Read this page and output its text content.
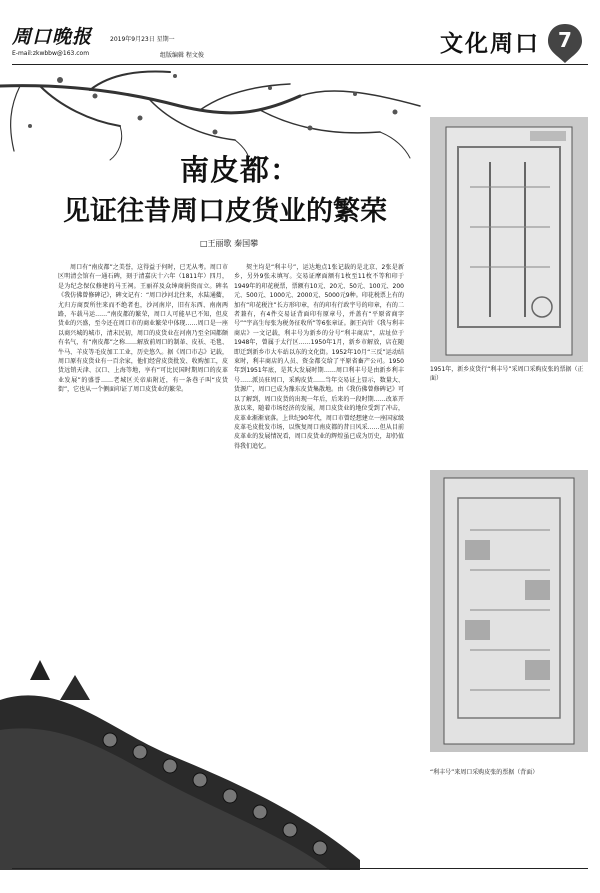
周口晚报
E-mail:zkwbbw@163.com
2019年9月23日 星期一
组版编辑 程文俊	文化周口 7
南皮都：
见证往昔周口皮货业的繁荣
□王丽歌 秦国攀

周口有“南皮都”之美誉，这得益于何时，已无从考。周口市区明清会馆有一通石碑，刻于清嘉庆十六年（1811年）四月，是为纪念保仪修建的马王祠。王丽祥及众绅商捐资而立。碑名《我仿佛曾修碑记》，碑文记有：“周口沙河北往来，水陆通衢，尤归方商贾所往来而不绝者也，沙河南岸，旧有东西、南南两路，车载马运……”南皮都的繁荣，周口人可能早已不知，但皮货业的兴盛，至今还在周口市的商业繁荣中体现……周口是一座以商兴城的城市，清末民初，周口的皮货业在河南乃至全国都颇有名气，有“南皮都”之称……解放前周口的制革、皮袄、毛毯、牛马、羊皮等毛皮加工工业，历史悠久。据《周口市志》记载，周口原有皮货业有一百余家，他们经营皮货批发、收购加工，皮货远销天津、汉口、上海等地，享有“可比民国时期周口的皮革业发展”的盛誉……老城区关帝庙附近，有一条巷子叫“皮货街”，它也从一个侧面印证了周口皮货业的繁荣。

契主均是“利丰号”，运达地点1张记载的是北京、2张是新乡，另外9张未填写。交易证摩面额有1枚至11枚不等和印于1949年的印花税票，票额有10元、20元、50元、100元、200元、500元、1000元、2000元、5000元9种。印花税票上有的加有“印花税注”长方形印章，有的印有行政宇号的印章，有的二者兼有，有4件交易证背面印有原章号，并盖有“平原省商字号”“宇高生每张为税务征收所”等6张章证。据王向针《我与利丰商店》一文记载，利丰号为新乡的分号“利丰商店”，店址位于1948年，曾属于太行区……1950年1月，新乡市解放，店在随即迁到新乡市大车站以东的文化街。1952年10月“三反”运动结束时，利丰商店的人员、资金都交给了平原省畜产公司。1950年到1951年底，是其大发展时期……周口利丰号是由新乡利丰号……派员驻周口，采购皮货……当年交易证上显示，数量大、货源广，周口已成为豫东皮货集散地。由《我仿佛曾修碑记》可以了解到，周口皮货的出现一年后，后来的一段时期……改革开放以来，随着市场经济的发展，周口皮货业的地位受到了冲击，皮革业渐渐衰落。上世纪90年代，周口市曾经想建立一座国家级皮革毛皮批发市场，以恢复周口南皮都的昔日风采……但从目前皮革业的发展情况看，周口皮货业的辉煌虽已成为历史，却仍值得我们追忆。

1951年，新乡皮货行“利丰号”采周口采购皮张的票据（正面）
“利丰号”来周口采购皮张的票据（背面）
